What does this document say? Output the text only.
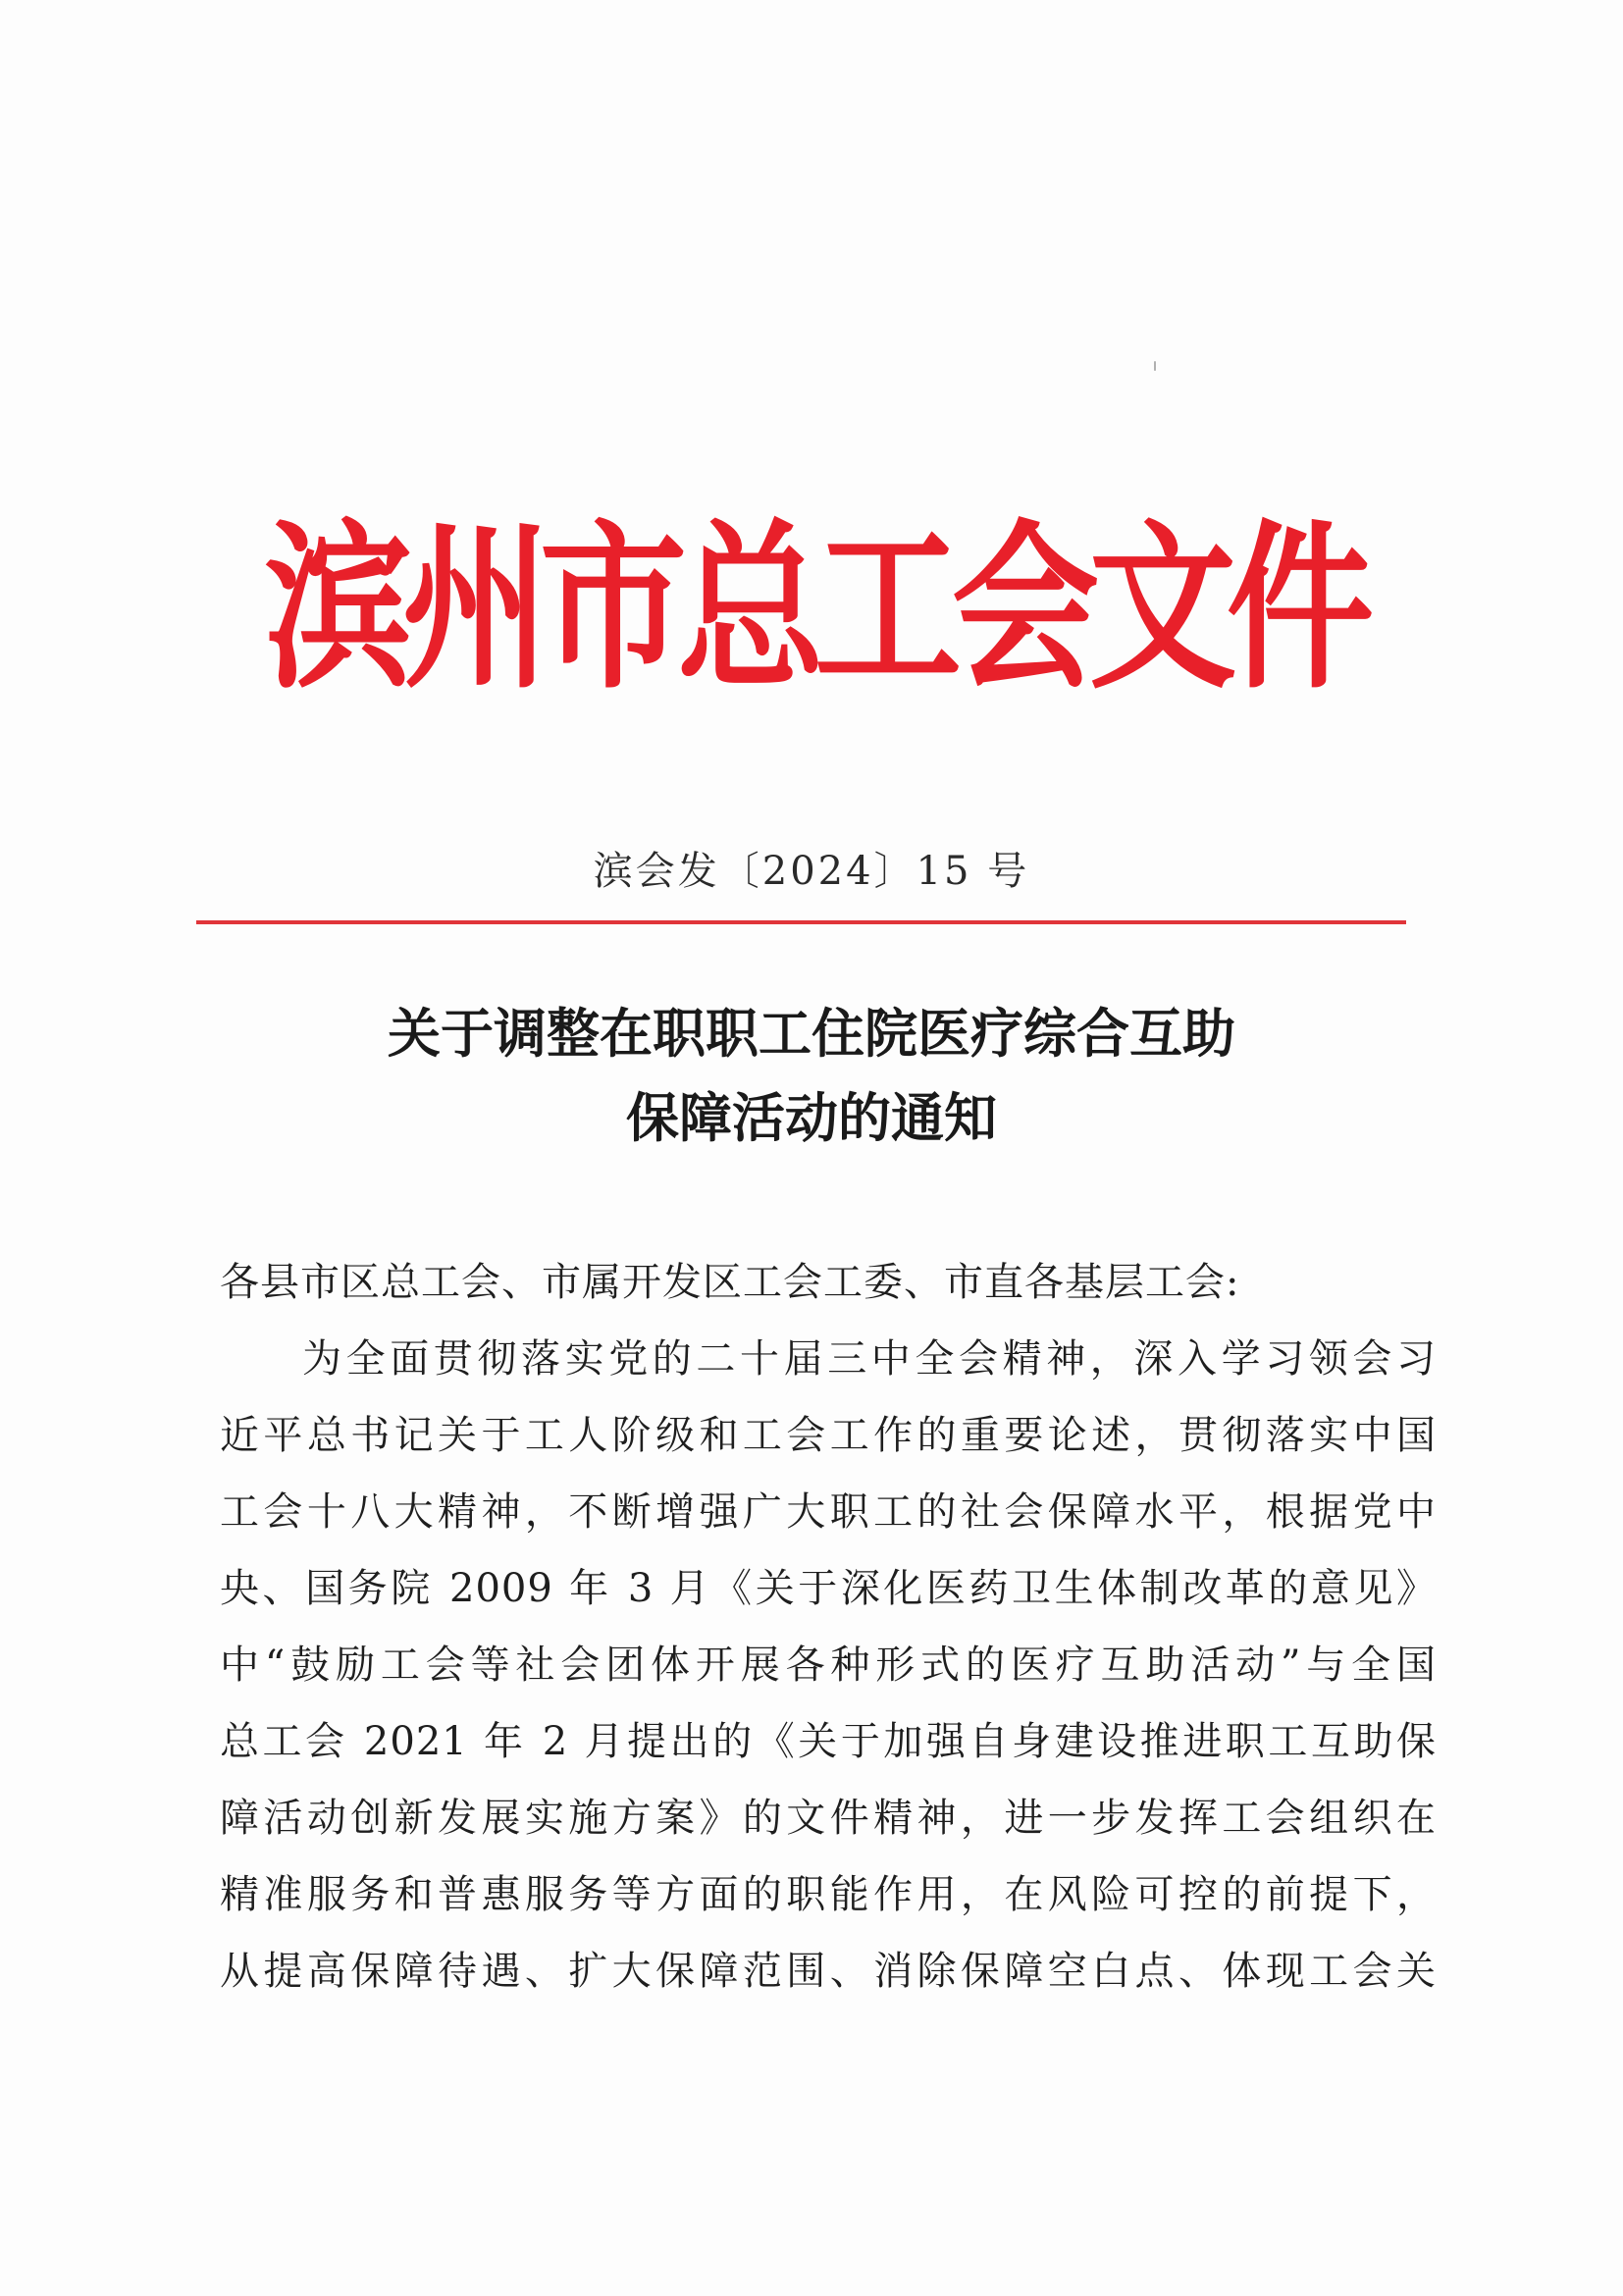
滨州市总工会文件
滨会发〔2024〕15 号
关于调整在职职工住院医疗综合互助
保障活动的通知
各县市区总工会、市属开发区工会工委、市直各基层工会:
为全面贯彻落实党的二十届三中全会精神，深入学习领会习
近平总书记关于工人阶级和工会工作的重要论述，贯彻落实中国
工会十八大精神，不断增强广大职工的社会保障水平，根据党中
央、国务院 2009 年 3 月《关于深化医药卫生体制改革的意见》
中“鼓励工会等社会团体开展各种形式的医疗互助活动”与全国
总工会 2021 年 2 月提出的《关于加强自身建设推进职工互助保
障活动创新发展实施方案》的文件精神，进一步发挥工会组织在
精准服务和普惠服务等方面的职能作用，在风险可控的前提下，
从提高保障待遇、扩大保障范围、消除保障空白点、体现工会关
